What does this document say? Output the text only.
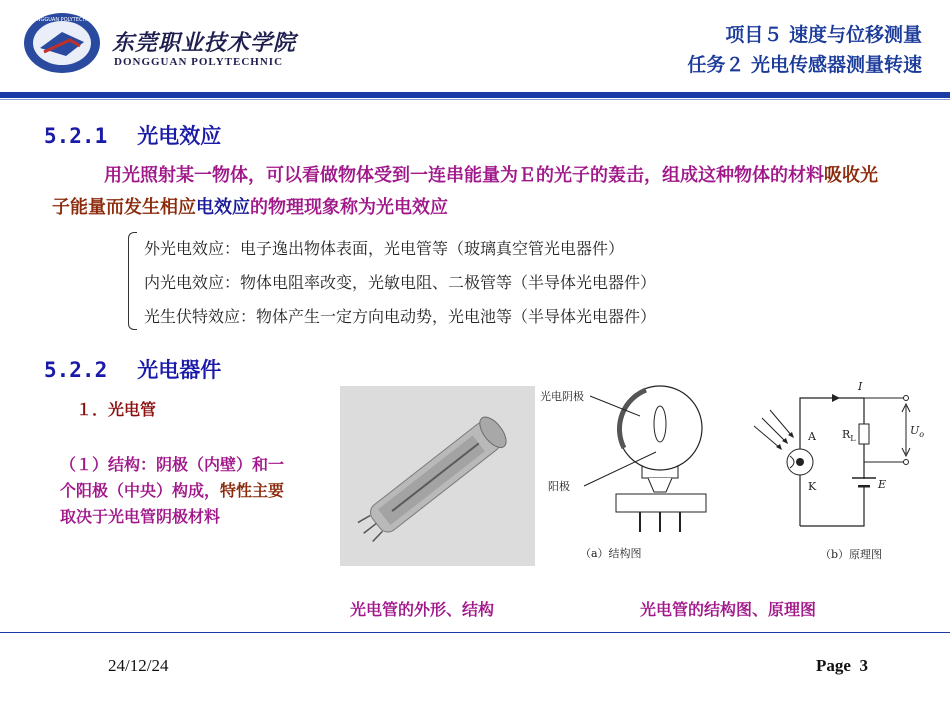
DONGGUAN POLYTECHNIC
东莞职业技术学院
DONGGUAN POLYTECHNIC
项目５ 速度与位移测量
任务２ 光电传感器测量转速
5.2.1 光电效应
用光照射某一物体，可以看做物体受到一连串能量为Ｅ的光子的轰击，组成这种物体的材料吸收光子能量而发生相应电效应的物理现象称为光电效应
外光电效应：电子逸出物体表面，光电管等（玻璃真空管光电器件）
内光电效应：物体电阻率改变，光敏电阻、二极管等（半导体光电器件）
光生伏特效应：物体产生一定方向电动势，光电池等（半导体光电器件）
5.2.2 光电器件
１．光电管
（１）结构：阴极（内壁）和一个阳极（中央）构成，特性主要取决于光电管阴极材料
光电阴极
阳极
（a）结构图
I
$R_L$
A
K	E
$U_o$
（b）原理图
光电管的外形、结构	光电管的结构图、原理图
24/12/24	Page 3
